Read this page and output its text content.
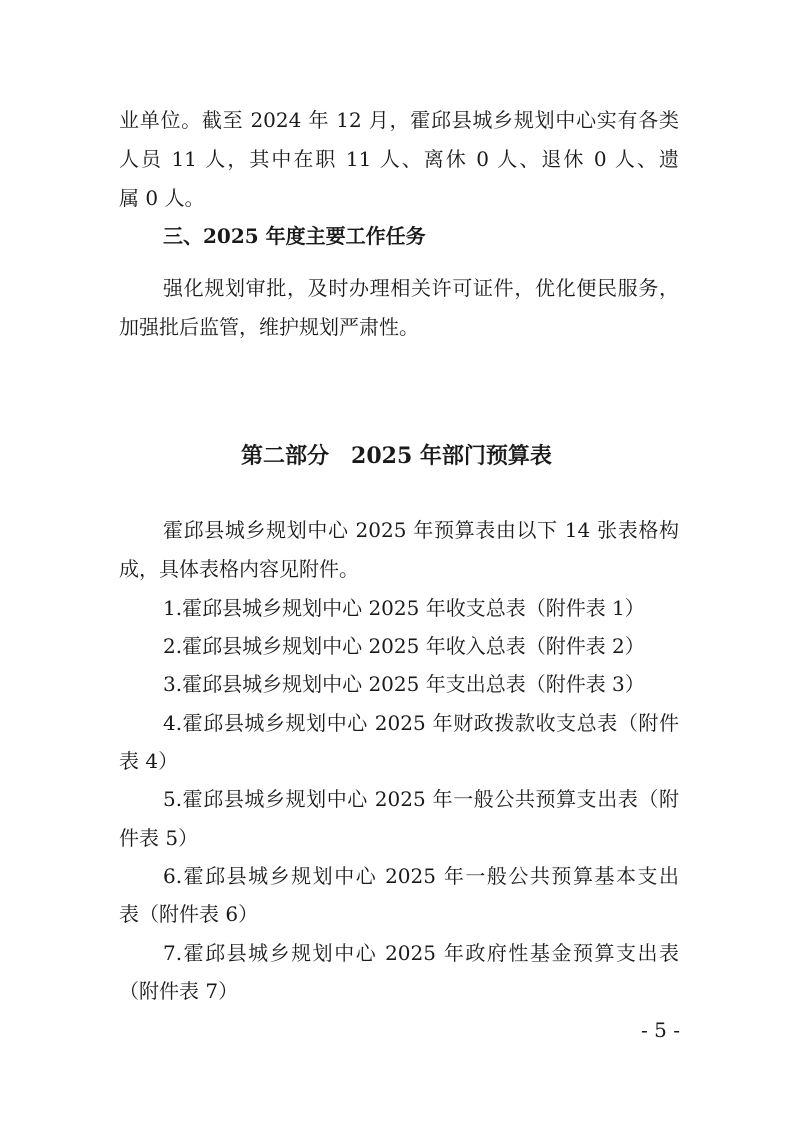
业单位。截至 2024 年 12 月，霍邱县城乡规划中心实有各类
人员 11 人，其中在职 11 人、离休 0 人、退休 0 人、遗
属 0 人。
三、2025 年度主要工作任务
强化规划审批，及时办理相关许可证件，优化便民服务，
加强批后监管，维护规划严肃性。
第二部分　2025 年部门预算表
霍邱县城乡规划中心 2025 年预算表由以下 14 张表格构
成，具体表格内容见附件。
1.霍邱县城乡规划中心 2025 年收支总表（附件表 1）
2.霍邱县城乡规划中心 2025 年收入总表（附件表 2）
3.霍邱县城乡规划中心 2025 年支出总表（附件表 3）
4.霍邱县城乡规划中心 2025 年财政拨款收支总表（附件
表 4）
5.霍邱县城乡规划中心 2025 年一般公共预算支出表（附
件表 5）
6.霍邱县城乡规划中心 2025 年一般公共预算基本支出
表（附件表 6）
7.霍邱县城乡规划中心 2025 年政府性基金预算支出表
（附件表 7）
- 5 -
